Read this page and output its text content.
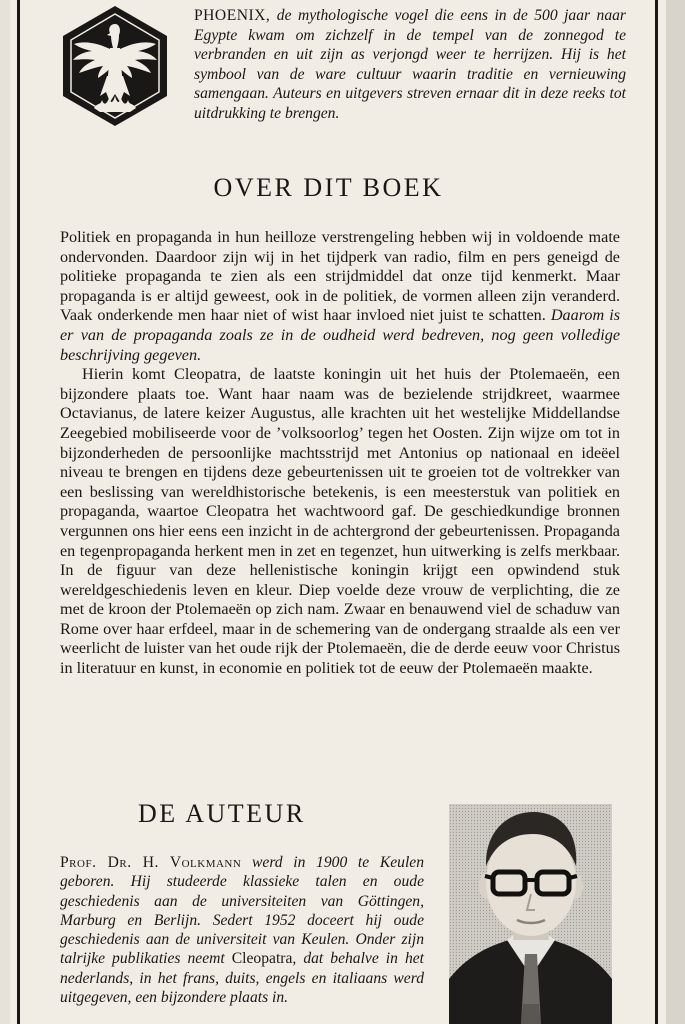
PHOENIX, de mythologische vogel die eens in de 500 jaar naar Egypte kwam om zichzelf in de tempel van de zonnegod te verbranden en uit zijn as verjongd weer te herrijzen. Hij is het symbool van de ware cultuur waarin traditie en vernieuwing samengaan. Auteurs en uitgevers streven ernaar dit in deze reeks tot uitdrukking te brengen.
OVER DIT BOEK

Politiek en propaganda in hun heilloze verstrengeling hebben wij in voldoende mate ondervonden. Daardoor zijn wij in het tijdperk van radio, film en pers geneigd de politieke propaganda te zien als een strijdmiddel dat onze tijd kenmerkt. Maar propaganda is er altijd geweest, ook in de politiek, de vormen alleen zijn veranderd. Vaak onderkende men haar niet of wist haar invloed niet juist te schatten. Daarom is er van de propaganda zoals ze in de oudheid werd bedreven, nog geen volledige beschrijving gegeven.

Hierin komt Cleopatra, de laatste koningin uit het huis der Ptolemaeën, een bijzondere plaats toe. Want haar naam was de bezielende strijdkreet, waarmee Octavianus, de latere keizer Augustus, alle krachten uit het westelijke Middellandse Zeegebied mobiliseerde voor de ’volksoorlog’ tegen het Oosten. Zijn wijze om tot in bijzonderheden de persoonlijke machtsstrijd met Antonius op nationaal en ideëel niveau te brengen en tijdens deze gebeurtenissen uit te groeien tot de voltrekker van een beslissing van wereldhistorische betekenis, is een meesterstuk van politiek en propaganda, waartoe Cleopatra het wachtwoord gaf. De geschiedkundige bronnen vergunnen ons hier eens een inzicht in de achtergrond der gebeurtenissen. Propaganda en tegenpropaganda herkent men in zet en tegenzet, hun uitwerking is zelfs merkbaar. In de figuur van deze hellenistische koningin krijgt een opwindend stuk wereldgeschiedenis leven en kleur. Diep voelde deze vrouw de verplichting, die ze met de kroon der Ptolemaeën op zich nam. Zwaar en benauwend viel de schaduw van Rome over haar erfdeel, maar in de schemering van de ondergang straalde als een ver weerlicht de luister van het oude rijk der Ptolemaeën, die de derde eeuw voor Christus in literatuur en kunst, in economie en politiek tot de eeuw der Ptolemaeën maakte.

DE AUTEUR
Prof. Dr. H. Volkmann werd in 1900 te Keulen geboren. Hij studeerde klassieke talen en oude geschiedenis aan de universiteiten van Göttingen, Marburg en Berlijn. Sedert 1952 doceert hij oude geschiedenis aan de universiteit van Keulen. Onder zijn talrijke publikaties neemt Cleopatra, dat behalve in het nederlands, in het frans, duits, engels en italiaans werd uitgegeven, een bijzondere plaats in.
